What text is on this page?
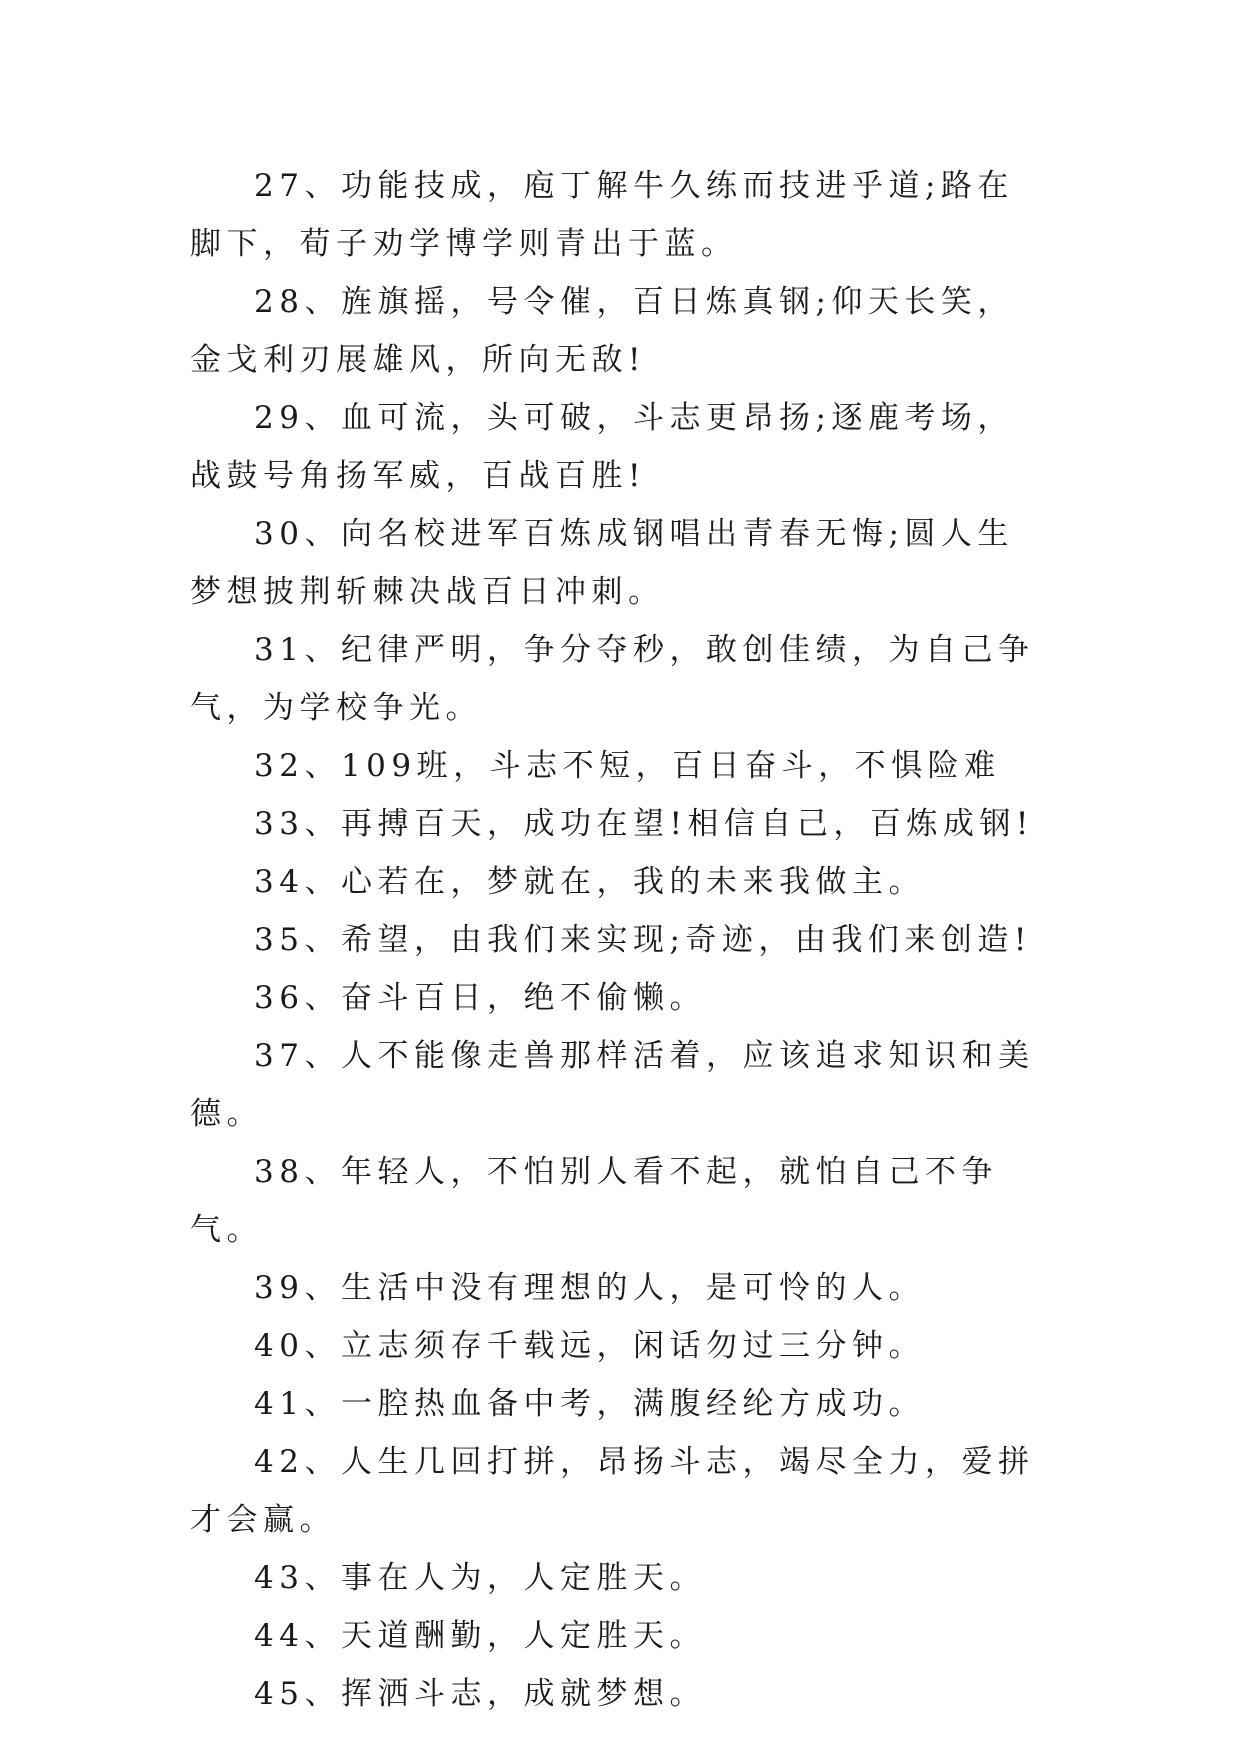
27、功能技成，庖丁解牛久练而技进乎道;路在脚下，荀子劝学博学则青出于蓝。

28、旌旗摇，号令催，百日炼真钢;仰天长笑，金戈利刃展雄风，所向无敌!

29、血可流，头可破，斗志更昂扬;逐鹿考场，战鼓号角扬军威，百战百胜!

30、向名校进军百炼成钢唱出青春无悔;圆人生梦想披荆斩棘决战百日冲刺。

31、纪律严明，争分夺秒，敢创佳绩，为自己争气，为学校争光。

32、109班，斗志不短，百日奋斗，不惧险难

33、再搏百天，成功在望!相信自己，百炼成钢!

34、心若在，梦就在，我的未来我做主。

35、希望，由我们来实现;奇迹，由我们来创造!

36、奋斗百日，绝不偷懒。

37、人不能像走兽那样活着，应该追求知识和美德。

38、年轻人，不怕别人看不起，就怕自己不争气。

39、生活中没有理想的人，是可怜的人。

40、立志须存千载远，闲话勿过三分钟。

41、一腔热血备中考，满腹经纶方成功。

42、人生几回打拼，昂扬斗志，竭尽全力，爱拼才会赢。

43、事在人为，人定胜天。

44、天道酬勤，人定胜天。

45、挥洒斗志，成就梦想。
